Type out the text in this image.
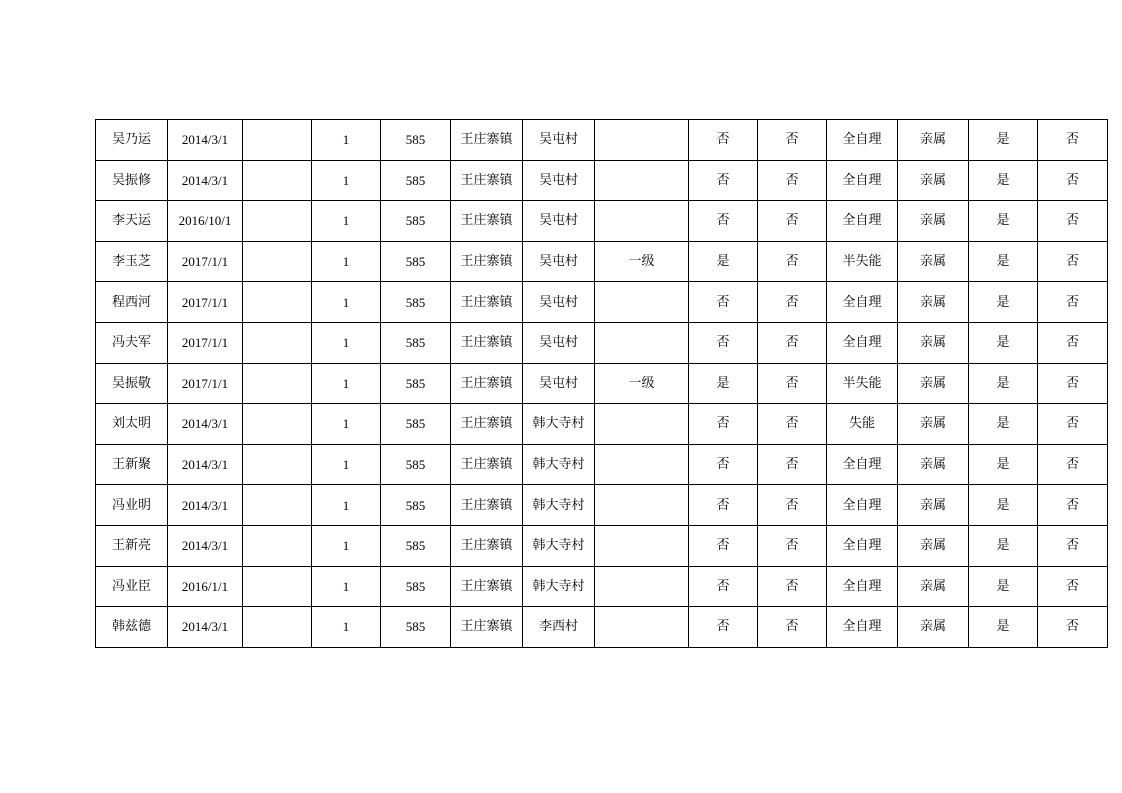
吴乃运	2014/3/1		1	585	王庄寨镇	吴屯村		否	否	全自理	亲属	是	否
吴振修	2014/3/1		1	585	王庄寨镇	吴屯村		否	否	全自理	亲属	是	否
李天运	2016/10/1		1	585	王庄寨镇	吴屯村		否	否	全自理	亲属	是	否
李玉芝	2017/1/1		1	585	王庄寨镇	吴屯村	一级	是	否	半失能	亲属	是	否
程西河	2017/1/1		1	585	王庄寨镇	吴屯村		否	否	全自理	亲属	是	否
冯夫军	2017/1/1		1	585	王庄寨镇	吴屯村		否	否	全自理	亲属	是	否
吴振敬	2017/1/1		1	585	王庄寨镇	吴屯村	一级	是	否	半失能	亲属	是	否
刘太明	2014/3/1		1	585	王庄寨镇	韩大寺村		否	否	失能	亲属	是	否
王新聚	2014/3/1		1	585	王庄寨镇	韩大寺村		否	否	全自理	亲属	是	否
冯业明	2014/3/1		1	585	王庄寨镇	韩大寺村		否	否	全自理	亲属	是	否
王新亮	2014/3/1		1	585	王庄寨镇	韩大寺村		否	否	全自理	亲属	是	否
冯业臣	2016/1/1		1	585	王庄寨镇	韩大寺村		否	否	全自理	亲属	是	否
韩兹德	2014/3/1		1	585	王庄寨镇	李西村		否	否	全自理	亲属	是	否
